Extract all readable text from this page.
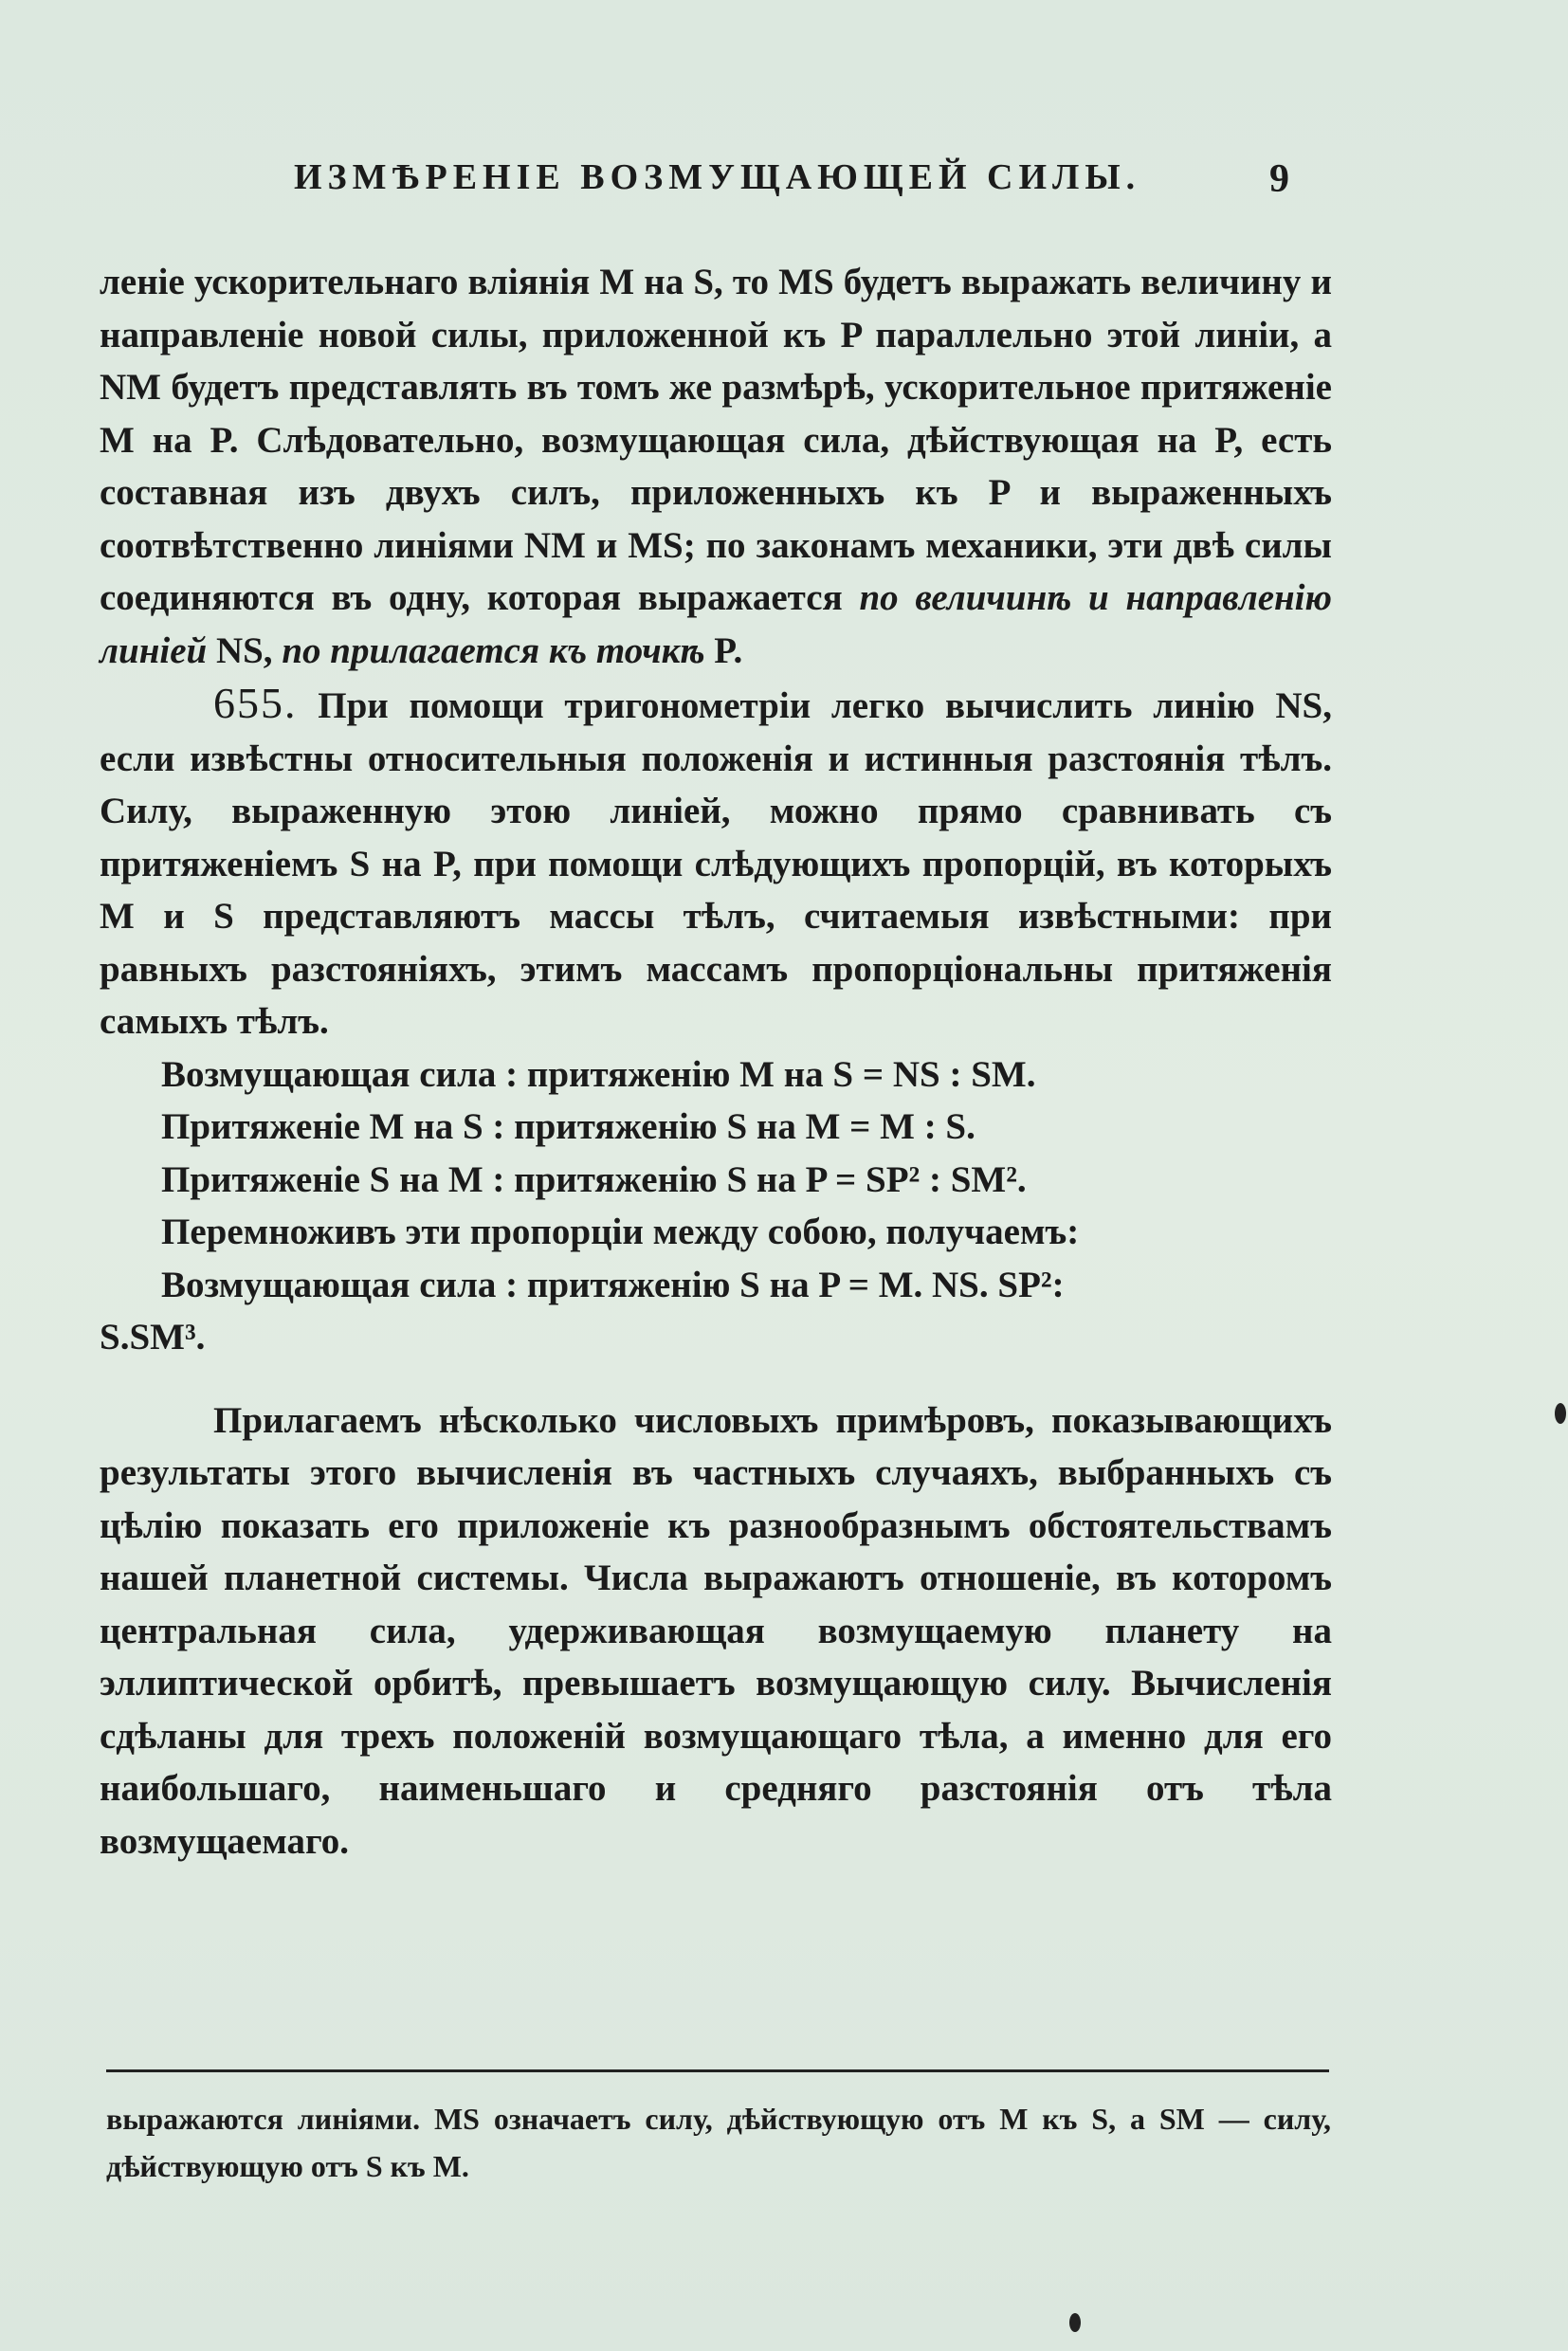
ИЗМѢРЕНІЕ ВОЗМУЩАЮЩЕЙ СИЛЫ.	9

леніе ускорительнаго вліянія M на S, то MS будетъ выражать величину и направленіе новой силы, приложенной къ P параллельно этой линіи, а NM будетъ представлять въ томъ же размѣрѣ, ускорительное притяженіе M на P. Слѣдовательно, возмущающая сила, дѣйствующая на P, есть составная изъ двухъ силъ, приложенныхъ къ P и выраженныхъ соотвѣтственно линіями NM и MS; по законамъ механики, эти двѣ силы соединяются въ одну, которая выражается по величинѣ и направленію линіей NS, по прилагается къ точкѣ P.

655. При помощи тригонометріи легко вычислить линію NS, если извѣстны относительныя положенія и истинныя разстоянія тѣлъ. Силу, выраженную этою линіей, можно прямо сравнивать съ притяженіемъ S на P, при помощи слѣдующихъ пропорцій, въ которыхъ M и S представляютъ массы тѣлъ, считаемыя извѣстными: при равныхъ разстояніяхъ, этимъ массамъ пропорціональны притяженія самыхъ тѣлъ.

Возмущающая сила : притяженію M на S = NS : SM.

Притяженіе M на S : притяженію S на M = M : S.

Притяженіе S на M : притяженію S на P = SP² : SM².

Перемноживъ эти пропорціи между собою, получаемъ:

Возмущающая сила : притяженію S на P = M. NS. SP²:

S.SM³.

Прилагаемъ нѣсколько числовыхъ примѣровъ, показывающихъ результаты этого вычисленія въ частныхъ случаяхъ, выбранныхъ съ цѣлію показать его приложеніе къ разнообразнымъ обстоятельствамъ нашей планетной системы. Числа выражаютъ отношеніе, въ которомъ центральная сила, удерживающая возмущаемую планету на эллиптической орбитѣ, превышаетъ возмущающую силу. Вычисленія сдѣланы для трехъ положеній возмущающаго тѣла, а именно для его наибольшаго, наименьшаго и средняго разстоянія отъ тѣла возмущаемаго.

выражаются линіями. MS означаетъ силу, дѣйствующую отъ M къ S, а SM — силу, дѣйствующую отъ S къ M.
